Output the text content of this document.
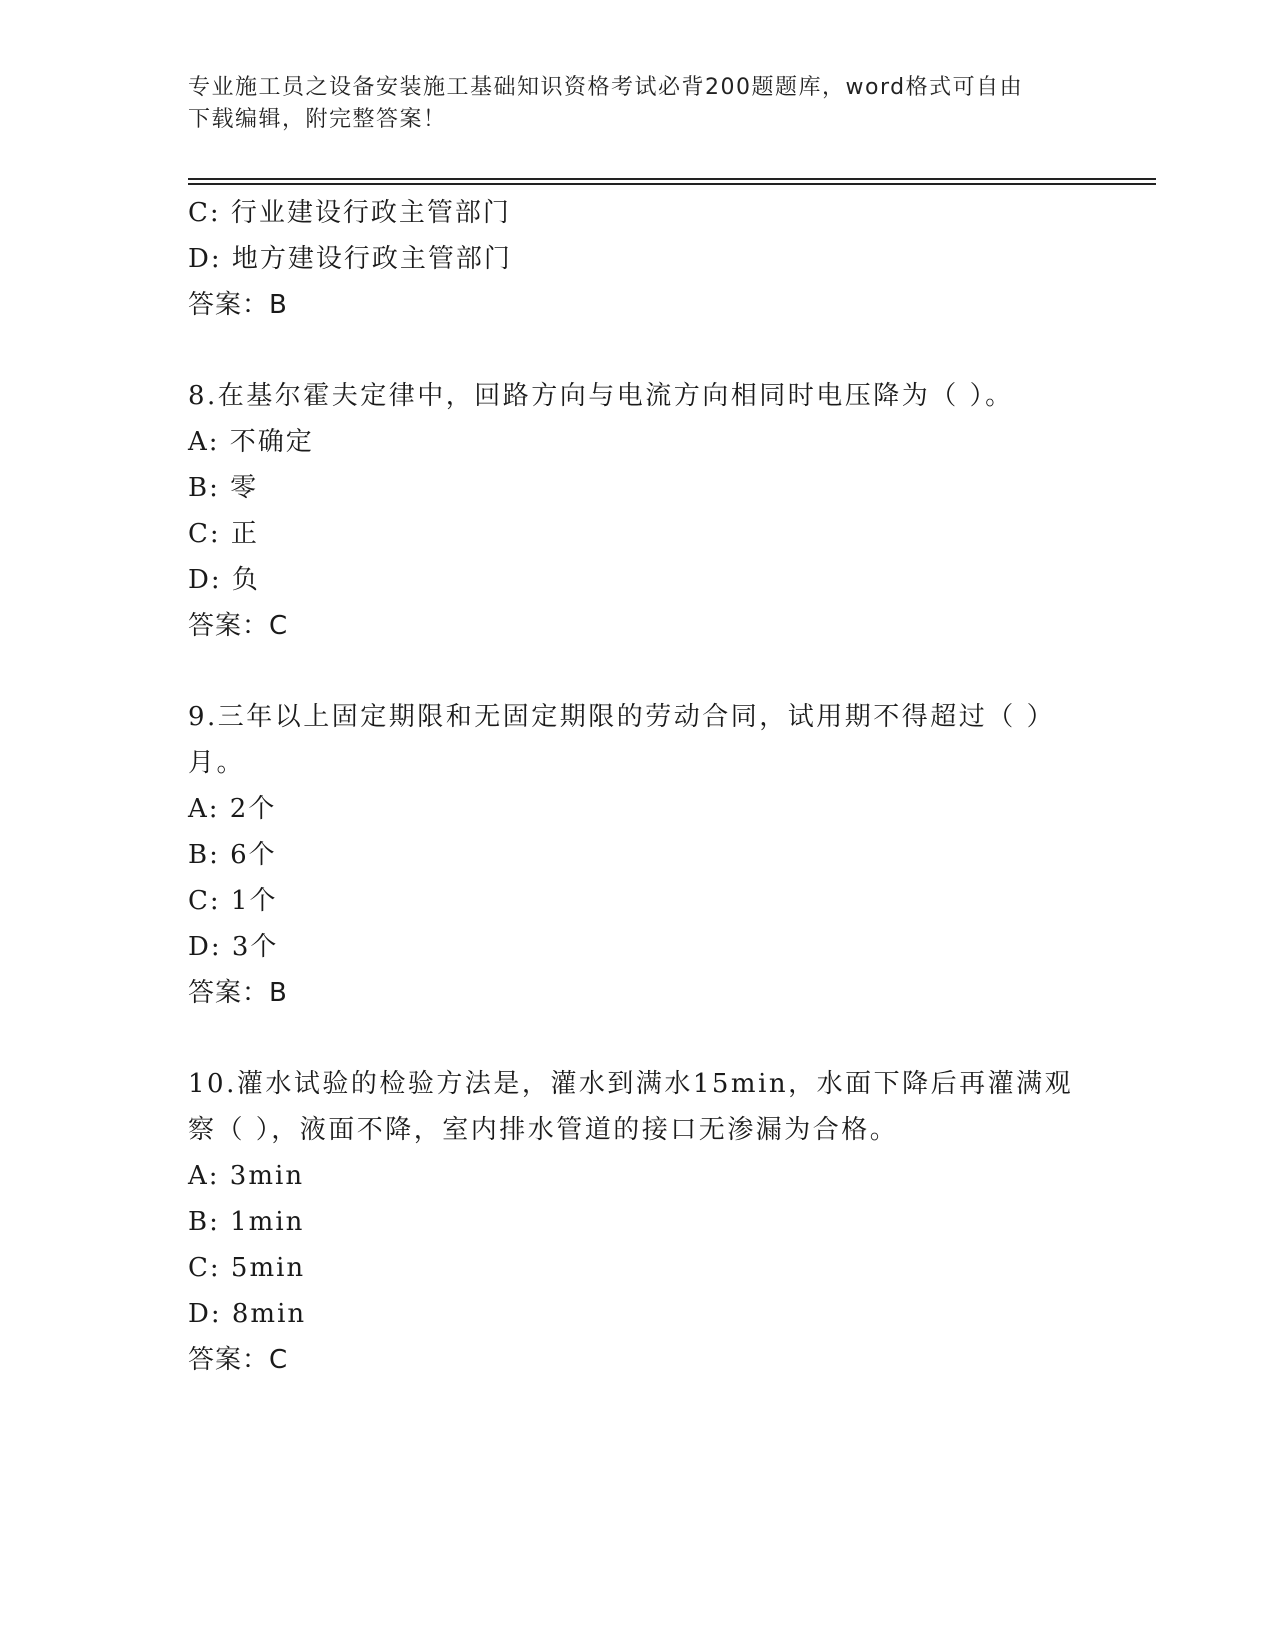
专业施工员之设备安装施工基础知识资格考试必背200题题库，word格式可自由
下载编辑，附完整答案！
C: 行业建设行政主管部门
D: 地方建设行政主管部门
答案：B
8.在基尔霍夫定律中，回路方向与电流方向相同时电压降为（ ）。
A: 不确定
B: 零
C: 正
D: 负
答案：C
9.三年以上固定期限和无固定期限的劳动合同，试用期不得超过（ ）
月。
A: 2个
B: 6个
C: 1个
D: 3个
答案：B
10.灌水试验的检验方法是，灌水到满水15min，水面下降后再灌满观
察（ ），液面不降，室内排水管道的接口无渗漏为合格。
A: 3min
B: 1min
C: 5min
D: 8min
答案：C
